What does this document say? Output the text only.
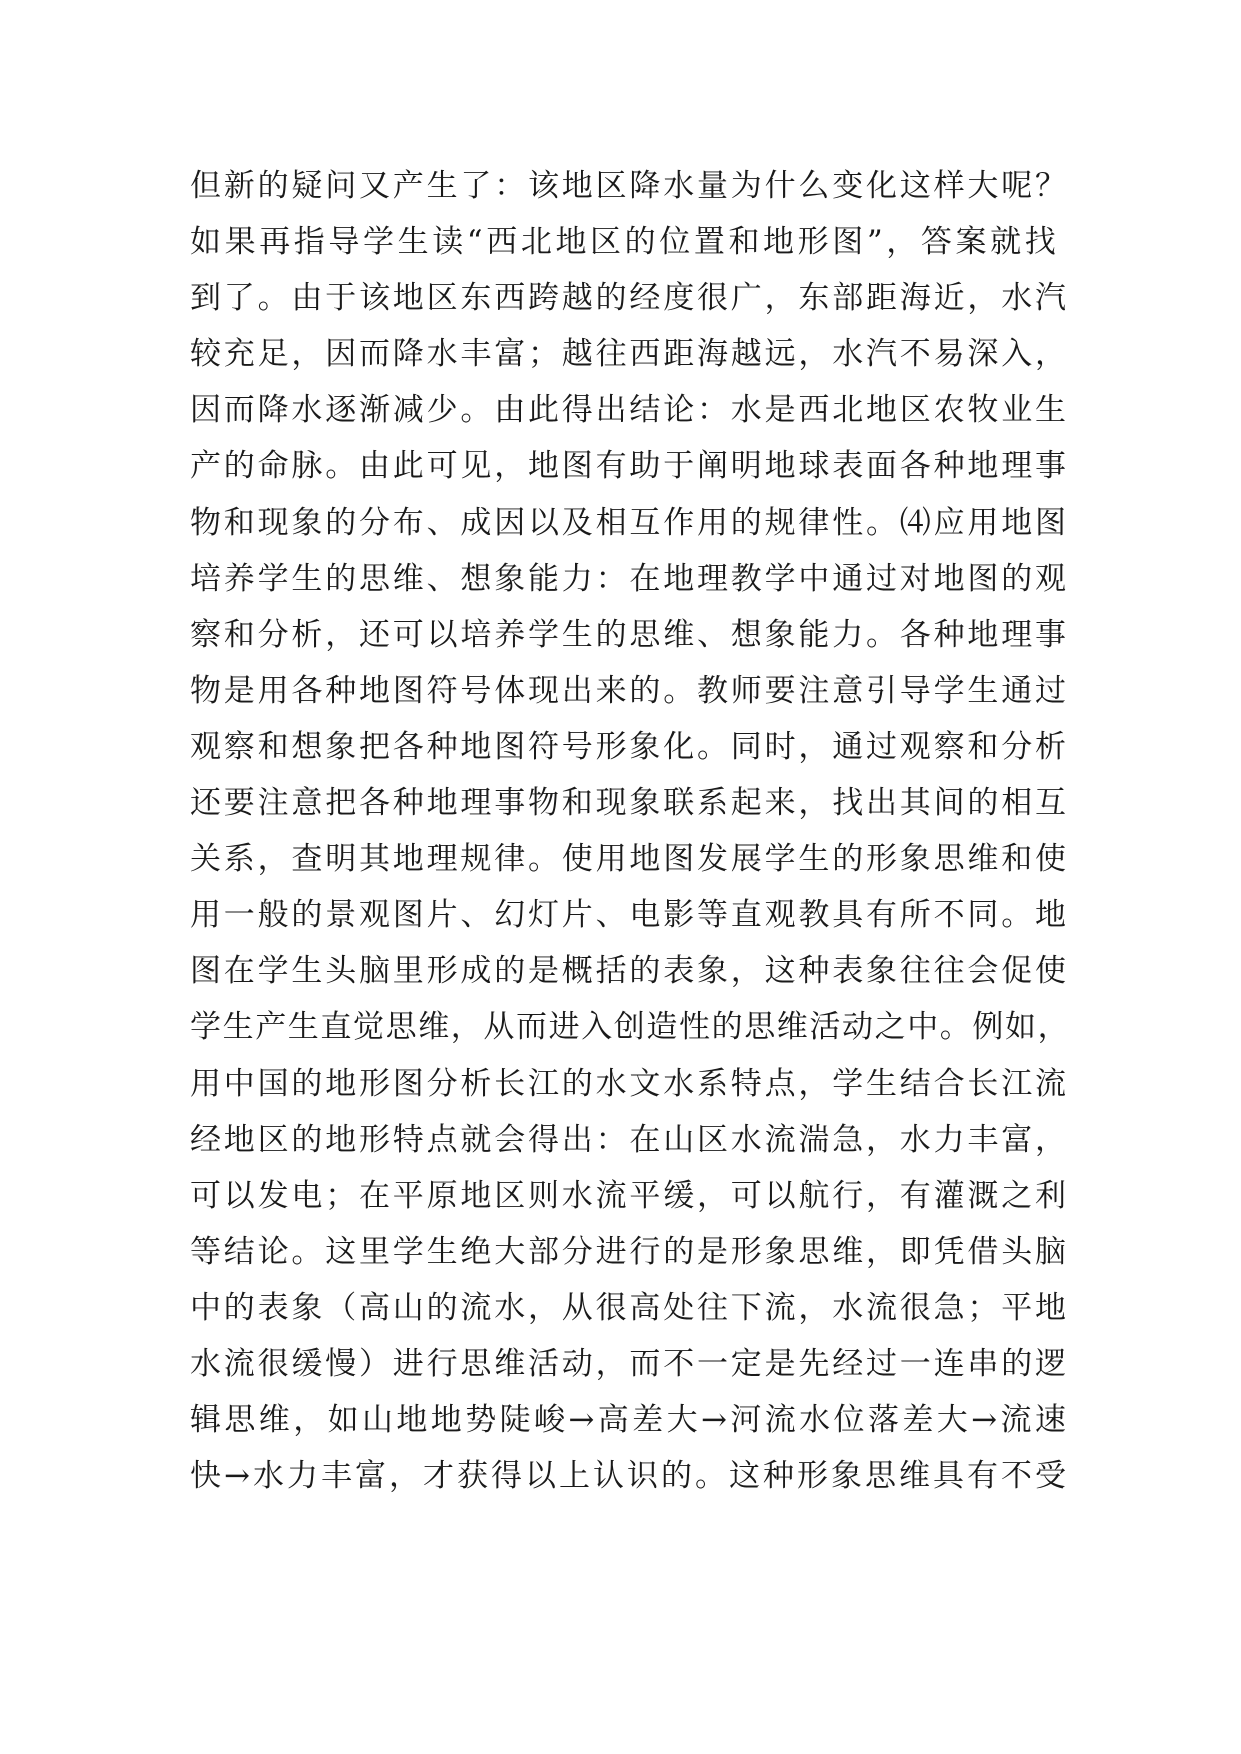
但新的疑问又产生了：该地区降水量为什么变化这样大呢？
如果再指导学生读“西北地区的位置和地形图”，答案就找
到了。由于该地区东西跨越的经度很广，东部距海近，水汽
较充足，因而降水丰富；越往西距海越远，水汽不易深入，
因而降水逐渐减少。由此得出结论：水是西北地区农牧业生
产的命脉。由此可见，地图有助于阐明地球表面各种地理事
物和现象的分布、成因以及相互作用的规律性。⑷应用地图
培养学生的思维、想象能力：在地理教学中通过对地图的观
察和分析，还可以培养学生的思维、想象能力。各种地理事
物是用各种地图符号体现出来的。教师要注意引导学生通过
观察和想象把各种地图符号形象化。同时，通过观察和分析
还要注意把各种地理事物和现象联系起来，找出其间的相互
关系，查明其地理规律。使用地图发展学生的形象思维和使
用一般的景观图片、幻灯片、电影等直观教具有所不同。地
图在学生头脑里形成的是概括的表象，这种表象往往会促使
学生产生直觉思维，从而进入创造性的思维活动之中。例如，
用中国的地形图分析长江的水文水系特点，学生结合长江流
经地区的地形特点就会得出：在山区水流湍急，水力丰富，
可以发电；在平原地区则水流平缓，可以航行，有灌溉之利
等结论。这里学生绝大部分进行的是形象思维，即凭借头脑
中的表象（高山的流水，从很高处往下流，水流很急；平地
水流很缓慢）进行思维活动，而不一定是先经过一连串的逻
辑思维，如山地地势陡峻→高差大→河流水位落差大→流速
快→水力丰富，才获得以上认识的。这种形象思维具有不受
